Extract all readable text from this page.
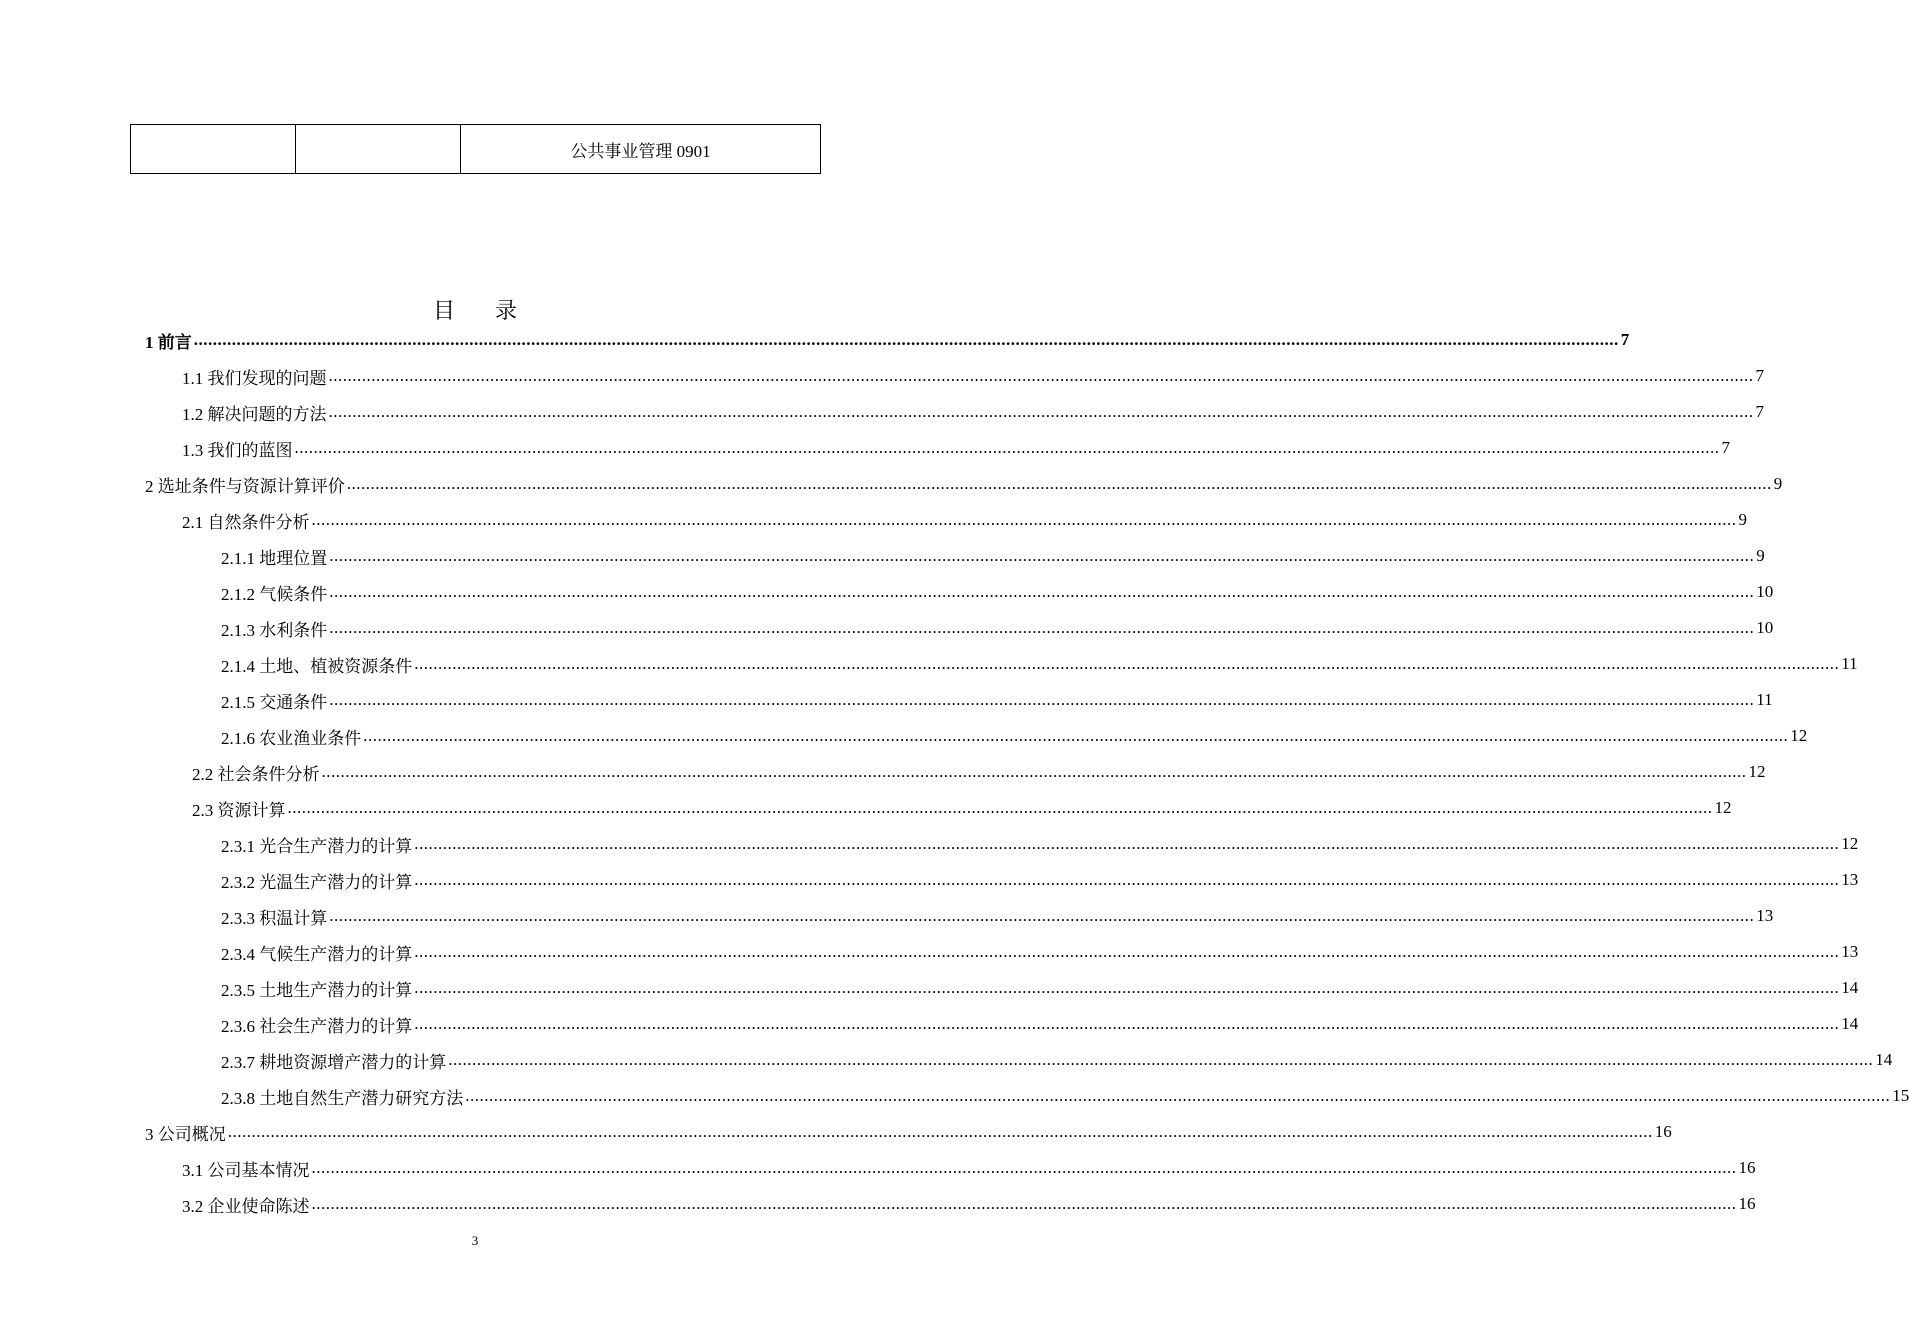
		公共事业管理 0901
目录
1 前言 ............................................................................................................................................................................................................................................................................................................ 7
1.1 我们发现的问题 ............................................................................................................................................................................................................................................................................................................ 7
1.2 解决问题的方法 ............................................................................................................................................................................................................................................................................................................ 7
1.3 我们的蓝图 ............................................................................................................................................................................................................................................................................................................ 7
2 选址条件与资源计算评价 ............................................................................................................................................................................................................................................................................................................ 9
2.1 自然条件分析 ............................................................................................................................................................................................................................................................................................................ 9
2.1.1 地理位置 ............................................................................................................................................................................................................................................................................................................ 9
2.1.2 气候条件 ............................................................................................................................................................................................................................................................................................................ 10
2.1.3 水利条件 ............................................................................................................................................................................................................................................................................................................ 10
2.1.4 土地、植被资源条件 ............................................................................................................................................................................................................................................................................................................ 11
2.1.5 交通条件 ............................................................................................................................................................................................................................................................................................................ 11
2.1.6 农业渔业条件 ............................................................................................................................................................................................................................................................................................................ 12
2.2 社会条件分析 ............................................................................................................................................................................................................................................................................................................ 12
2.3 资源计算 ............................................................................................................................................................................................................................................................................................................ 12
2.3.1 光合生产潜力的计算 ............................................................................................................................................................................................................................................................................................................ 12
2.3.2 光温生产潜力的计算 ............................................................................................................................................................................................................................................................................................................ 13
2.3.3 积温计算 ............................................................................................................................................................................................................................................................................................................ 13
2.3.4 气候生产潜力的计算 ............................................................................................................................................................................................................................................................................................................ 13
2.3.5 土地生产潜力的计算 ............................................................................................................................................................................................................................................................................................................ 14
2.3.6 社会生产潜力的计算 ............................................................................................................................................................................................................................................................................................................ 14
2.3.7 耕地资源增产潜力的计算 ............................................................................................................................................................................................................................................................................................................ 14
2.3.8 土地自然生产潜力研究方法 ............................................................................................................................................................................................................................................................................................................ 15
3 公司概况 ............................................................................................................................................................................................................................................................................................................ 16
3.1 公司基本情况 ............................................................................................................................................................................................................................................................................................................ 16
3.2 企业使命陈述 ............................................................................................................................................................................................................................................................................................................ 16
3
